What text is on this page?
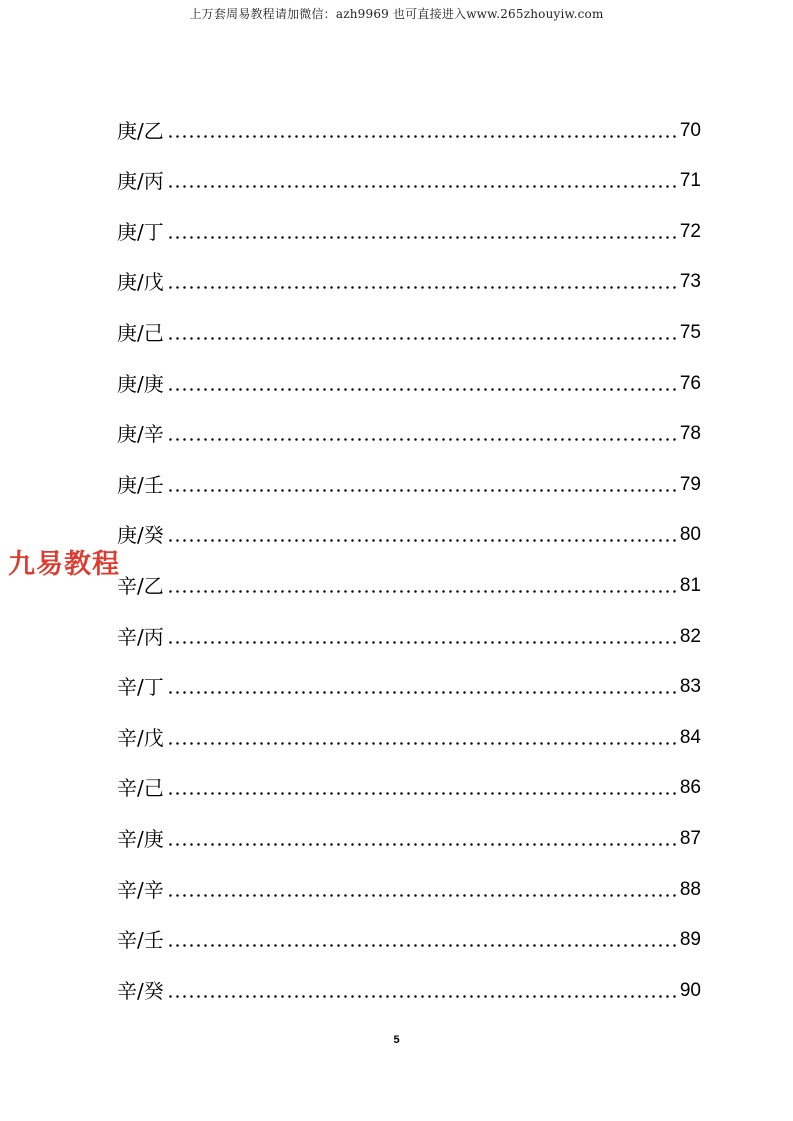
上万套周易教程请加微信：azh9969 也可直接进入www.265zhouyiw.com
庚/乙	70
庚/丙	71
庚/丁	72
庚/戊	73
庚/己	75
庚/庚	76
庚/辛	78
庚/壬	79
庚/癸	80
辛/乙	81
辛/丙	82
辛/丁	83
辛/戊	84
辛/己	86
辛/庚	87
辛/辛	88
辛/壬	89
辛/癸	90
九易教程
5
